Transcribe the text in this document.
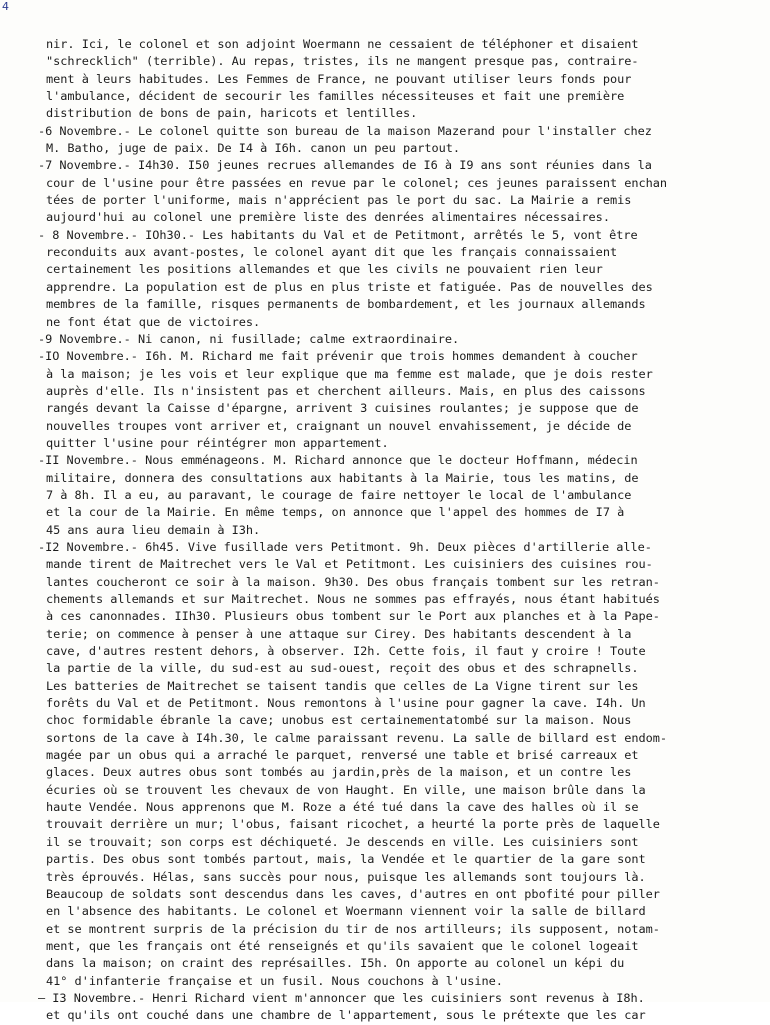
4
nir. Ici, le colonel et son adjoint Woermann ne cessaient de téléphoner et disaient
"schrecklich" (terrible). Au repas, tristes, ils ne mangent presque pas, contraire-
ment à leurs habitudes. Les Femmes de France, ne pouvant utiliser leurs fonds pour
l'ambulance, décident de secourir les familles nécessiteuses et fait une première
distribution de bons de pain, haricots et lentilles.
-6 Novembre.- Le colonel quitte son bureau de la maison Mazerand pour l'installer chez
M. Batho, juge de paix. De I4 à I6h. canon un peu partout.
-7 Novembre.- I4h30. I50 jeunes recrues allemandes de I6 à I9 ans sont réunies dans la
cour de l'usine pour être passées en revue par le colonel; ces jeunes paraissent enchan
tées de porter l'uniforme, mais n'apprécient pas le port du sac. La Mairie a remis
aujourd'hui au colonel une première liste des denrées alimentaires nécessaires.
- 8 Novembre.- IOh30.- Les habitants du Val et de Petitmont, arrêtés le 5, vont être
reconduits aux avant-postes, le colonel ayant dit que les français connaissaient
certainement les positions allemandes et que les civils ne pouvaient rien leur
apprendre. La population est de plus en plus triste et fatiguée. Pas de nouvelles des
membres de la famille, risques permanents de bombardement, et les journaux allemands
ne font état que de victoires.
-9 Novembre.- Ni canon, ni fusillade; calme extraordinaire.
-IO Novembre.- I6h. M. Richard me fait prévenir que trois hommes demandent à coucher
à la maison; je les vois et leur explique que ma femme est malade, que je dois rester
auprès d'elle. Ils n'insistent pas et cherchent ailleurs. Mais, en plus des caissons
rangés devant la Caisse d'épargne, arrivent 3 cuisines roulantes; je suppose que de
nouvelles troupes vont arriver et, craignant un nouvel envahissement, je décide de
quitter l'usine pour réintégrer mon appartement.
-II Novembre.- Nous emménageons. M. Richard annonce que le docteur Hoffmann, médecin
militaire, donnera des consultations aux habitants à la Mairie, tous les matins, de
7 à 8h. Il a eu, au paravant, le courage de faire nettoyer le local de l'ambulance
et la cour de la Mairie. En même temps, on annonce que l'appel des hommes de I7 à
45 ans aura lieu demain à I3h.
-I2 Novembre.- 6h45. Vive fusillade vers Petitmont. 9h. Deux pièces d'artillerie alle-
mande tirent de Maitrechet vers le Val et Petitmont. Les cuisiniers des cuisines rou-
lantes coucheront ce soir à la maison. 9h30. Des obus français tombent sur les retran-
chements allemands et sur Maitrechet. Nous ne sommes pas effrayés, nous étant habitués
à ces canonnades. IIh30. Plusieurs obus tombent sur le Port aux planches et à la Pape-
terie; on commence à penser à une attaque sur Cirey. Des habitants descendent à la
cave, d'autres restent dehors, à observer. I2h. Cette fois, il faut y croire ! Toute
la partie de la ville, du sud-est au sud-ouest, reçoit des obus et des schrapnells.
Les batteries de Maitrechet se taisent tandis que celles de La Vigne tirent sur les
forêts du Val et de Petitmont. Nous remontons à l'usine pour gagner la cave. I4h. Un
choc formidable ébranle la cave; unobus est certainementatombé sur la maison. Nous
sortons de la cave à I4h.30, le calme paraissant revenu. La salle de billard est endom-
magée par un obus qui a arraché le parquet, renversé une table et brisé carreaux et
glaces. Deux autres obus sont tombés au jardin,près de la maison, et un contre les
écuries où se trouvent les chevaux de von Haught. En ville, une maison brûle dans la
haute Vendée. Nous apprenons que M. Roze a été tué dans la cave des halles où il se
trouvait derrière un mur; l'obus, faisant ricochet, a heurté la porte près de laquelle
il se trouvait; son corps est déchiqueté. Je descends en ville. Les cuisiniers sont
partis. Des obus sont tombés partout, mais, la Vendée et le quartier de la gare sont
très éprouvés. Hélas, sans succès pour nous, puisque les allemands sont toujours là.
Beaucoup de soldats sont descendus dans les caves, d'autres en ont pbofité pour piller
en l'absence des habitants. Le colonel et Woermann viennent voir la salle de billard
et se montrent surpris de la précision du tir de nos artilleurs; ils supposent, notam-
ment, que les français ont été renseignés et qu'ils savaient que le colonel logeait
dans la maison; on craint des représailles. I5h. On apporte au colonel un képi du
41° d'infanterie française et un fusil. Nous couchons à l'usine.
— I3 Novembre.- Henri Richard vient m'annoncer que les cuisiniers sont revenus à I8h.
et qu'ils ont couché dans une chambre de l'appartement, sous le prétexte que les car
